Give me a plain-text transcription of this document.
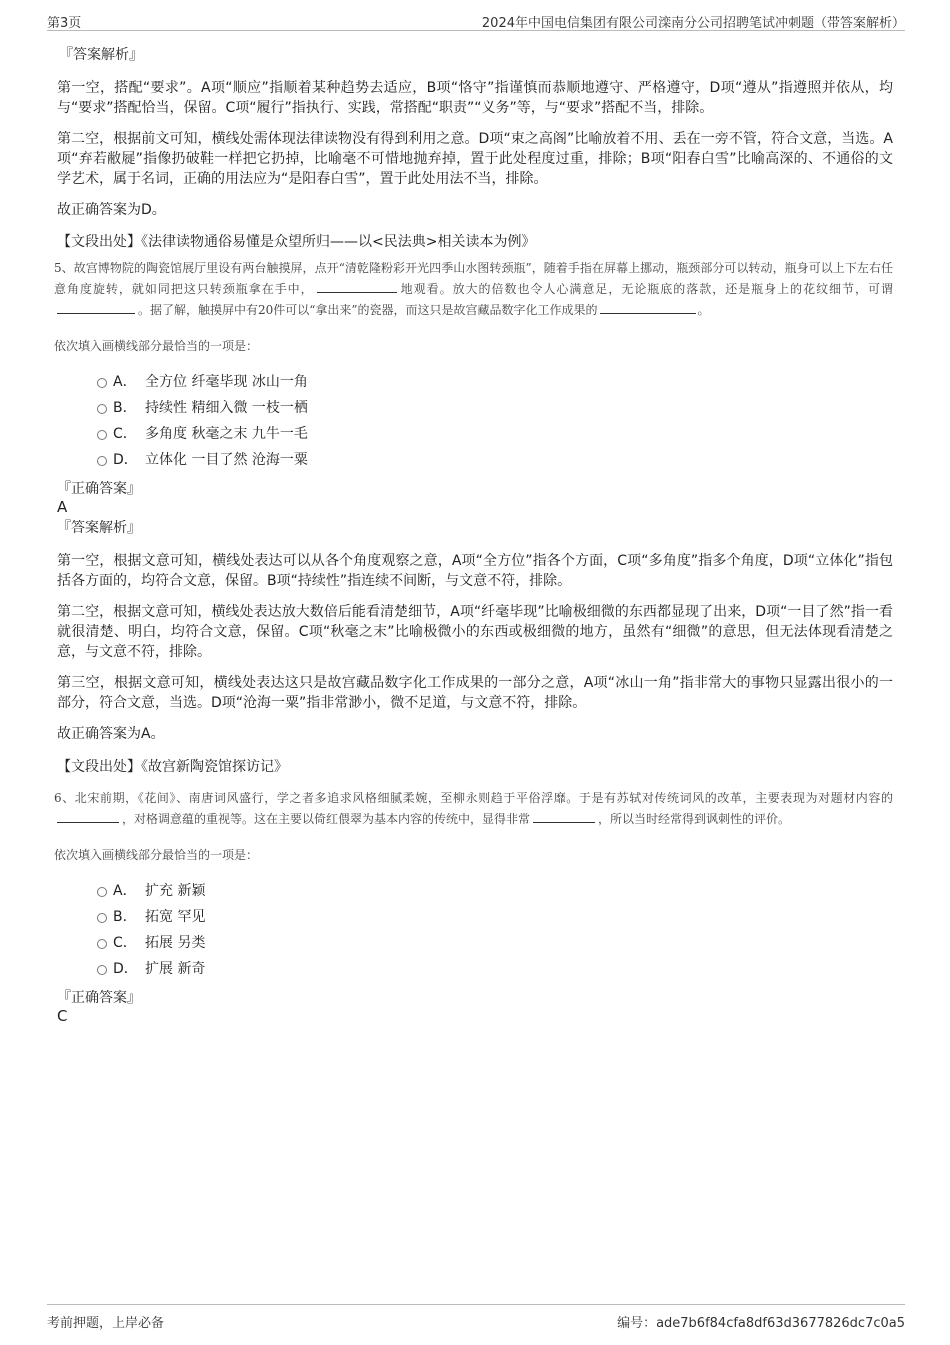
第3页	2024年中国电信集团有限公司滦南分公司招聘笔试冲刺题（带答案解析）

『答案解析』

第一空，搭配“要求”。A项“顺应”指顺着某种趋势去适应，B项“恪守”指谨慎而恭顺地遵守、严格遵守，D项“遵从”指遵照并依从，均与“要求”搭配恰当，保留。C项“履行”指执行、实践，常搭配“职责”“义务”等，与“要求”搭配不当，排除。

第二空，根据前文可知，横线处需体现法律读物没有得到利用之意。D项“束之高阁”比喻放着不用、丢在一旁不管，符合文意，当选。A项“弃若敝屣”指像扔破鞋一样把它扔掉，比喻毫不可惜地抛弃掉，置于此处程度过重，排除；B项“阳春白雪”比喻高深的、不通俗的文学艺术，属于名词，正确的用法应为“是阳春白雪”，置于此处用法不当，排除。

故正确答案为D。

【文段出处】《法律读物通俗易懂是众望所归——以<民法典>相关读本为例》

5、故宫博物院的陶瓷馆展厅里设有两台触摸屏，点开“清乾隆粉彩开光四季山水图转颈瓶”，随着手指在屏幕上挪动，瓶颈部分可以转动，瓶身可以上下左右任意角度旋转，就如同把这只转颈瓶拿在手中，	地观看。放大的倍数也令人心满意足，无论瓶底的落款，还是瓶身上的花纹细节，可谓。据了解，触摸屏中有20件可以“拿出来”的瓷器，而这只是故宫藏品数字化工作成果的	。

依次填入画横线部分最恰当的一项是：

A． 全方位 纤毫毕现 冰山一角
B． 持续性 精细入微 一枝一栖
C． 多角度 秋毫之末 九牛一毛
D． 立体化 一目了然 沧海一粟

『正确答案』

A

『答案解析』

第一空，根据文意可知，横线处表达可以从各个角度观察之意，A项“全方位”指各个方面，C项“多角度”指多个角度，D项“立体化”指包括各方面的，均符合文意，保留。B项“持续性”指连续不间断，与文意不符，排除。

第二空，根据文意可知，横线处表达放大数倍后能看清楚细节，A项“纤毫毕现”比喻极细微的东西都显现了出来，D项“一目了然”指一看就很清楚、明白，均符合文意，保留。C项“秋毫之末”比喻极微小的东西或极细微的地方，虽然有“细微”的意思，但无法体现看清楚之意，与文意不符，排除。

第三空，根据文意可知，横线处表达这只是故宫藏品数字化工作成果的一部分之意，A项“冰山一角”指非常大的事物只显露出很小的一部分，符合文意，当选。D项“沧海一粟”指非常渺小，微不足道，与文意不符，排除。

故正确答案为A。

【文段出处】《故宫新陶瓷馆探访记》

6、北宋前期，《花间》、南唐词风盛行，学之者多追求风格细腻柔婉，至柳永则趋于平俗浮靡。于是有苏轼对传统词风的改革，主要表现为对题材内容的，对格调意蕴的重视等。这在主要以倚红偎翠为基本内容的传统中，显得非常	，所以当时经常得到讽刺性的评价。

依次填入画横线部分最恰当的一项是：

A． 扩充 新颖
B． 拓宽 罕见
C． 拓展 另类
D． 扩展 新奇

『正确答案』

C

考前押题，上岸必备	编号：ade7b6f84cfa8df63d3677826dc7c0a5
